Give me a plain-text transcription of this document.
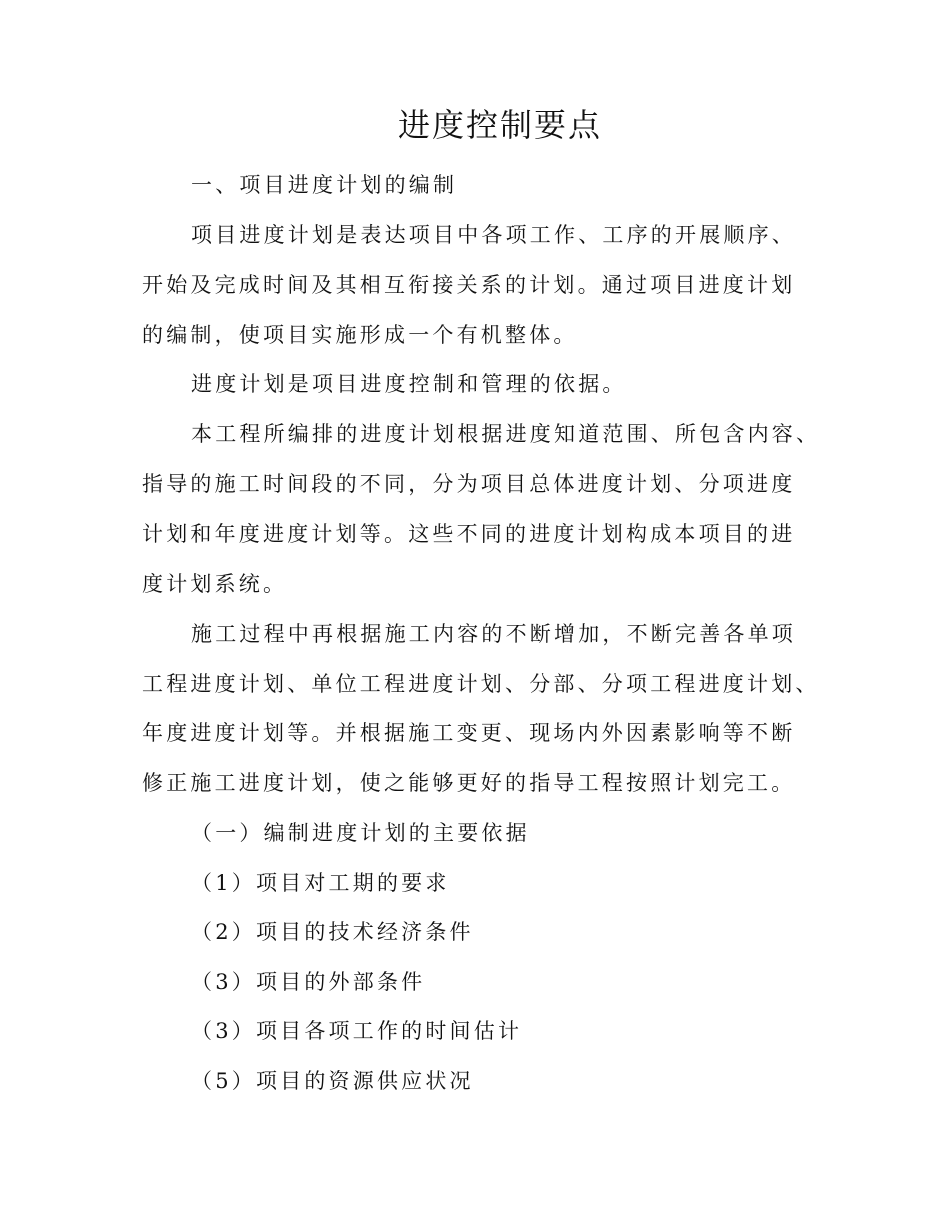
进度控制要点

一、项目进度计划的编制

项目进度计划是表达项目中各项工作、工序的开展顺序、

开始及完成时间及其相互衔接关系的计划。通过项目进度计划

的编制，使项目实施形成一个有机整体。

进度计划是项目进度控制和管理的依据。

本工程所编排的进度计划根据进度知道范围、所包含内容、

指导的施工时间段的不同，分为项目总体进度计划、分项进度

计划和年度进度计划等。这些不同的进度计划构成本项目的进

度计划系统。

施工过程中再根据施工内容的不断增加，不断完善各单项

工程进度计划、单位工程进度计划、分部、分项工程进度计划、

年度进度计划等。并根据施工变更、现场内外因素影响等不断

修正施工进度计划，使之能够更好的指导工程按照计划完工。

（一）编制进度计划的主要依据

（1）项目对工期的要求

（2）项目的技术经济条件

（3）项目的外部条件

（3）项目各项工作的时间估计

（5）项目的资源供应状况
